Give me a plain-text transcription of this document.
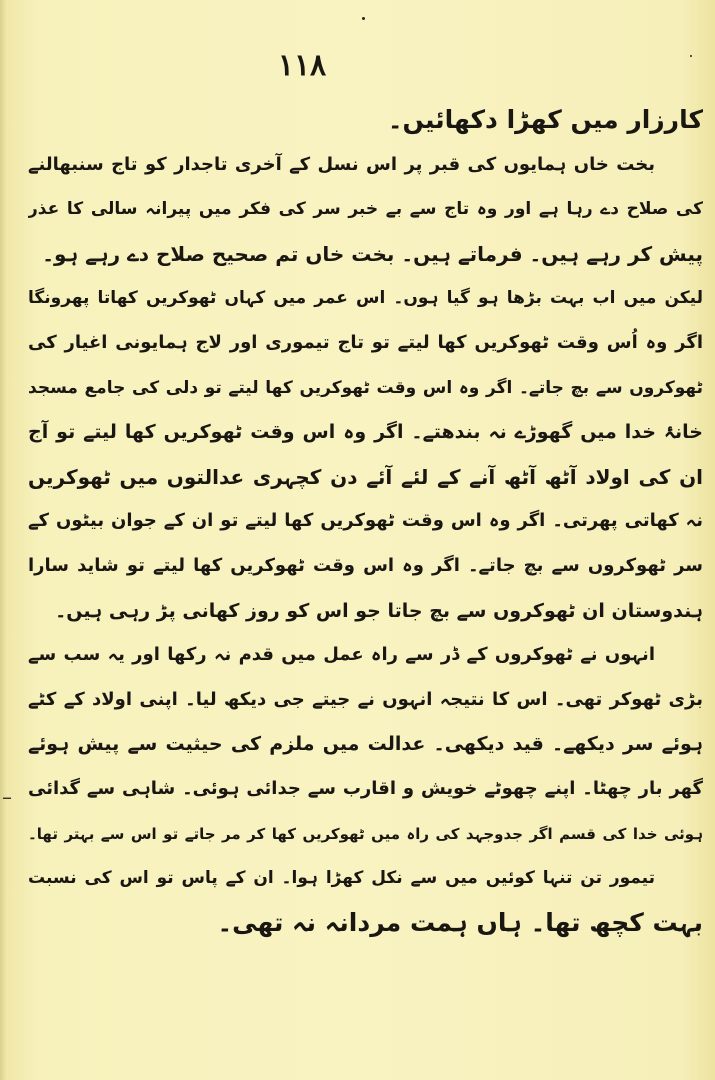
۱۱۸
کارزار میں کھڑا دکھائیں۔
بخت خاں ہمایوں کی قبر پر اس نسل کے آخری تاجدار کو تاج سنبھالنے
کی صلاح دے رہا ہے اور وہ تاج سے بے خبر سر کی فکر میں پیرانہ سالی کا عذر
پیش کر رہے ہیں۔ فرماتے ہیں۔ بخت خاں تم صحیح صلاح دے رہے ہو۔
لیکن میں اب بہت بڑھا ہو گیا ہوں۔ اس عمر میں کہاں ٹھوکریں کھاتا پھرونگا
اگر وہ اُس وقت ٹھوکریں کھا لیتے تو تاج تیموری اور لاج ہمایونی اغیار کی
ٹھوکروں سے بچ جاتے۔ اگر وہ اس وقت ٹھوکریں کھا لیتے تو دلی کی جامع مسجد
خانۂ خدا میں گھوڑے نہ بندھتے۔ اگر وہ اس وقت ٹھوکریں کھا لیتے تو آج
ان کی اولاد آٹھ آٹھ آنے کے لئے آئے دن کچہری عدالتوں میں ٹھوکریں
نہ کھاتی پھرتی۔ اگر وہ اس وقت ٹھوکریں کھا لیتے تو ان کے جوان بیٹوں کے
سر ٹھوکروں سے بچ جاتے۔ اگر وہ اس وقت ٹھوکریں کھا لیتے تو شاید سارا
ہندوستان ان ٹھوکروں سے بچ جاتا جو اس کو روز کھانی پڑ رہی ہیں۔
انہوں نے ٹھوکروں کے ڈر سے راہ عمل میں قدم نہ رکھا اور یہ سب سے
بڑی ٹھوکر تھی۔ اس کا نتیجہ انہوں نے جیتے جی دیکھ لیا۔ اپنی اولاد کے کٹے
ہوئے سر دیکھے۔ قید دیکھی۔ عدالت میں ملزم کی حیثیت سے پیش ہوئے
گھر بار چھٹا۔ اپنے چھوٹے خویش و اقارب سے جدائی ہوئی۔ شاہی سے گدائی
ہوئی خدا کی قسم اگر جدوجہد کی راہ میں ٹھوکریں کھا کر مر جاتے تو اس سے بہتر تھا۔
تیمور تن تنہا کوئیں میں سے نکل کھڑا ہوا۔ ان کے پاس تو اس کی نسبت
بہت کچھ تھا۔ ہاں ہمت مردانہ نہ تھی۔
–
